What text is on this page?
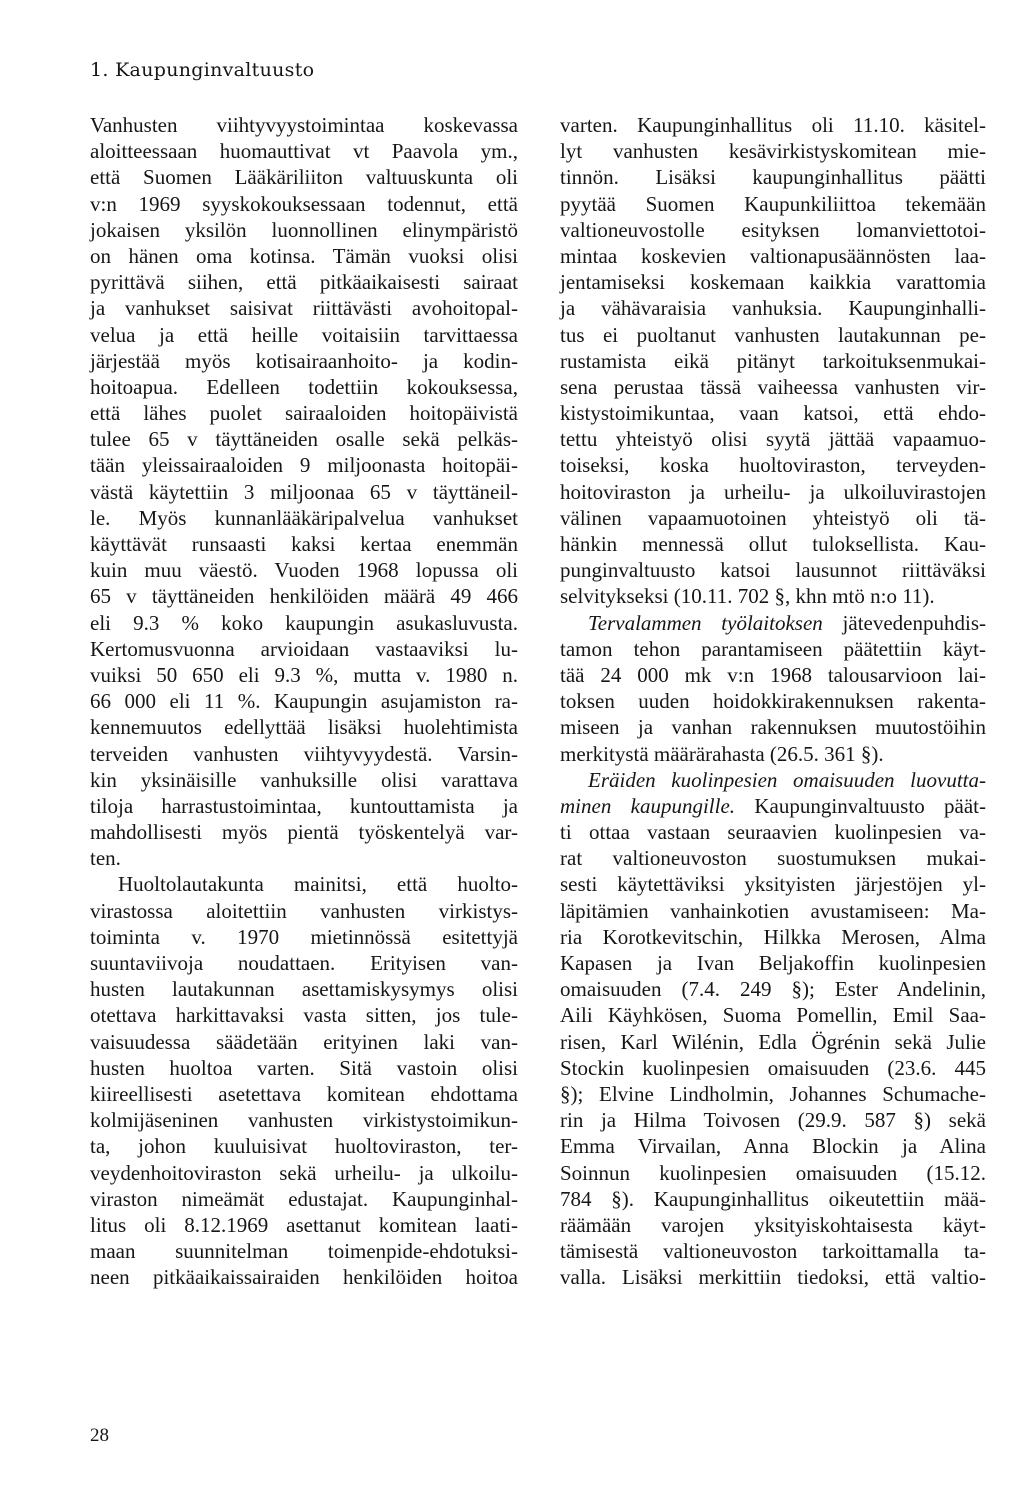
1. Kaupunginvaltuusto
Vanhusten viihtyvyystoimintaa koskevassa
aloitteessaan huomauttivat vt Paavola ym.,
että Suomen Lääkäriliiton valtuuskunta oli
v:n 1969 syyskokouksessaan todennut, että
jokaisen yksilön luonnollinen elinympäristö
on hänen oma kotinsa. Tämän vuoksi olisi
pyrittävä siihen, että pitkäaikaisesti sairaat
ja vanhukset saisivat riittävästi avohoitopal-
velua ja että heille voitaisiin tarvittaessa
järjestää myös kotisairaanhoito- ja kodin-
hoitoapua. Edelleen todettiin kokouksessa,
että lähes puolet sairaaloiden hoitopäivistä
tulee 65 v täyttäneiden osalle sekä pelkäs-
tään yleissairaaloiden 9 miljoonasta hoitopäi-
västä käytettiin 3 miljoonaa 65 v täyttäneil-
le. Myös kunnanlääkäripalvelua vanhukset
käyttävät runsaasti kaksi kertaa enemmän
kuin muu väestö. Vuoden 1968 lopussa oli
65 v täyttäneiden henkilöiden määrä 49 466
eli 9.3 % koko kaupungin asukasluvusta.
Kertomusvuonna arvioidaan vastaaviksi lu-
vuiksi 50 650 eli 9.3 %, mutta v. 1980 n.
66 000 eli 11 %. Kaupungin asujamiston ra-
kennemuutos edellyttää lisäksi huolehtimista
terveiden vanhusten viihtyvyydestä. Varsin-
kin yksinäisille vanhuksille olisi varattava
tiloja harrastustoimintaa, kuntouttamista ja
mahdollisesti myös pientä työskentelyä var-
ten.
Huoltolautakunta mainitsi, että huolto-
virastossa aloitettiin vanhusten virkistys-
toiminta v. 1970 mietinnössä esitettyjä
suuntaviivoja noudattaen. Erityisen van-
husten lautakunnan asettamiskysymys olisi
otettava harkittavaksi vasta sitten, jos tule-
vaisuudessa säädetään erityinen laki van-
husten huoltoa varten. Sitä vastoin olisi
kiireellisesti asetettava komitean ehdottama
kolmijäseninen vanhusten virkistystoimikun-
ta, johon kuuluisivat huoltoviraston, ter-
veydenhoitoviraston sekä urheilu- ja ulkoilu-
viraston nimeämät edustajat. Kaupunginhal-
litus oli 8.12.1969 asettanut komitean laati-
maan suunnitelman toimenpide-ehdotuksi-
neen pitkäaikaissairaiden henkilöiden hoitoa
varten. Kaupunginhallitus oli 11.10. käsitel-
lyt vanhusten kesävirkistyskomitean mie-
tinnön. Lisäksi kaupunginhallitus päätti
pyytää Suomen Kaupunkiliittoa tekemään
valtioneuvostolle esityksen lomanviettotoi-
mintaa koskevien valtionapusäännösten laa-
jentamiseksi koskemaan kaikkia varattomia
ja vähävaraisia vanhuksia. Kaupunginhalli-
tus ei puoltanut vanhusten lautakunnan pe-
rustamista eikä pitänyt tarkoituksenmukai-
sena perustaa tässä vaiheessa vanhusten vir-
kistystoimikuntaa, vaan katsoi, että ehdo-
tettu yhteistyö olisi syytä jättää vapaamuo-
toiseksi, koska huoltoviraston, terveyden-
hoitoviraston ja urheilu- ja ulkoiluvirastojen
välinen vapaamuotoinen yhteistyö oli tä-
hänkin mennessä ollut tuloksellista. Kau-
punginvaltuusto katsoi lausunnot riittäväksi
selvitykseksi (10.11. 702 §, khn mtö n:o 11).
Tervalammen työlaitoksen jätevedenpuhdis-
tamon tehon parantamiseen päätettiin käyt-
tää 24 000 mk v:n 1968 talousarvioon lai-
toksen uuden hoidokkirakennuksen rakenta-
miseen ja vanhan rakennuksen muutostöihin
merkitystä määrärahasta (26.5. 361 §).
Eräiden kuolinpesien omaisuuden luovutta-
minen kaupungille. Kaupunginvaltuusto päät-
ti ottaa vastaan seuraavien kuolinpesien va-
rat valtioneuvoston suostumuksen mukai-
sesti käytettäviksi yksityisten järjestöjen yl-
läpitämien vanhainkotien avustamiseen: Ma-
ria Korotkevitschin, Hilkka Merosen, Alma
Kapasen ja Ivan Beljakoffin kuolinpesien
omaisuuden (7.4. 249 §); Ester Andelinin,
Aili Käyhkösen, Suoma Pomellin, Emil Saa-
risen, Karl Wilénin, Edla Ögrénin sekä Julie
Stockin kuolinpesien omaisuuden (23.6. 445
§); Elvine Lindholmin, Johannes Schumache-
rin ja Hilma Toivosen (29.9. 587 §) sekä
Emma Virvailan, Anna Blockin ja Alina
Soinnun kuolinpesien omaisuuden (15.12.
784 §). Kaupunginhallitus oikeutettiin mää-
räämään varojen yksityiskohtaisesta käyt-
tämisestä valtioneuvoston tarkoittamalla ta-
valla. Lisäksi merkittiin tiedoksi, että valtio-
28
